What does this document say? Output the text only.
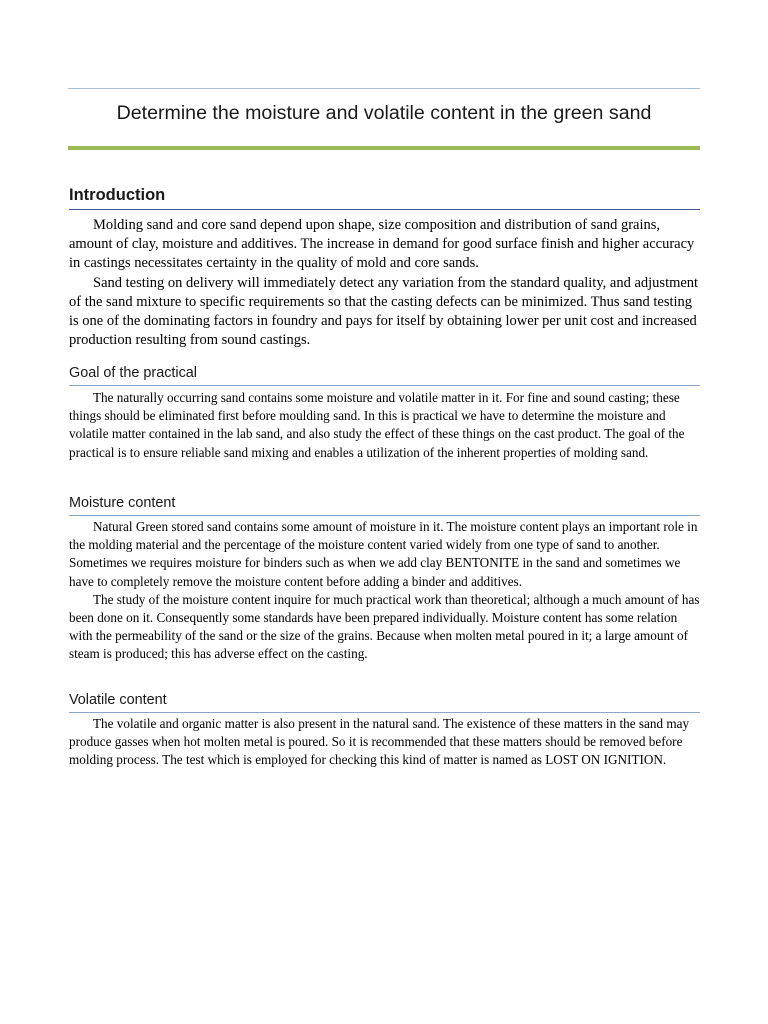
Determine the moisture and volatile content in the green sand
Introduction

Molding sand and core sand depend upon shape, size composition and distribution of sand grains, amount of clay, moisture and additives. The increase in demand for good surface finish and higher accuracy in castings necessitates certainty in the quality of mold and core sands.

Sand testing on delivery will immediately detect any variation from the standard quality, and adjustment of the sand mixture to specific requirements so that the casting defects can be minimized. Thus sand testing is one of the dominating factors in foundry and pays for itself by obtaining lower per unit cost and increased production resulting from sound castings.

Goal of the practical

The naturally occurring sand contains some moisture and volatile matter in it. For fine and sound casting; these things should be eliminated first before moulding sand. In this is practical we have to determine the moisture and volatile matter contained in the lab sand, and also study the effect of these things on the cast product. The goal of the practical is to ensure reliable sand mixing and enables a utilization of the inherent properties of molding sand.

Moisture content

Natural Green stored sand contains some amount of moisture in it. The moisture content plays an important role in the molding material and the percentage of the moisture content varied widely from one type of sand to another. Sometimes we requires moisture for binders such as when we add clay BENTONITE in the sand and sometimes we have to completely remove the moisture content before adding a binder and additives.

The study of the moisture content inquire for much practical work than theoretical; although a much amount of has been done on it. Consequently some standards have been prepared individually. Moisture content has some relation with the permeability of the sand or the size of the grains. Because when molten metal poured in it; a large amount of steam is produced; this has adverse effect on the casting.

Volatile content

The volatile and organic matter is also present in the natural sand. The existence of these matters in the sand may produce gasses when hot molten metal is poured. So it is recommended that these matters should be removed before molding process. The test which is employed for checking this kind of matter is named as LOST ON IGNITION.
